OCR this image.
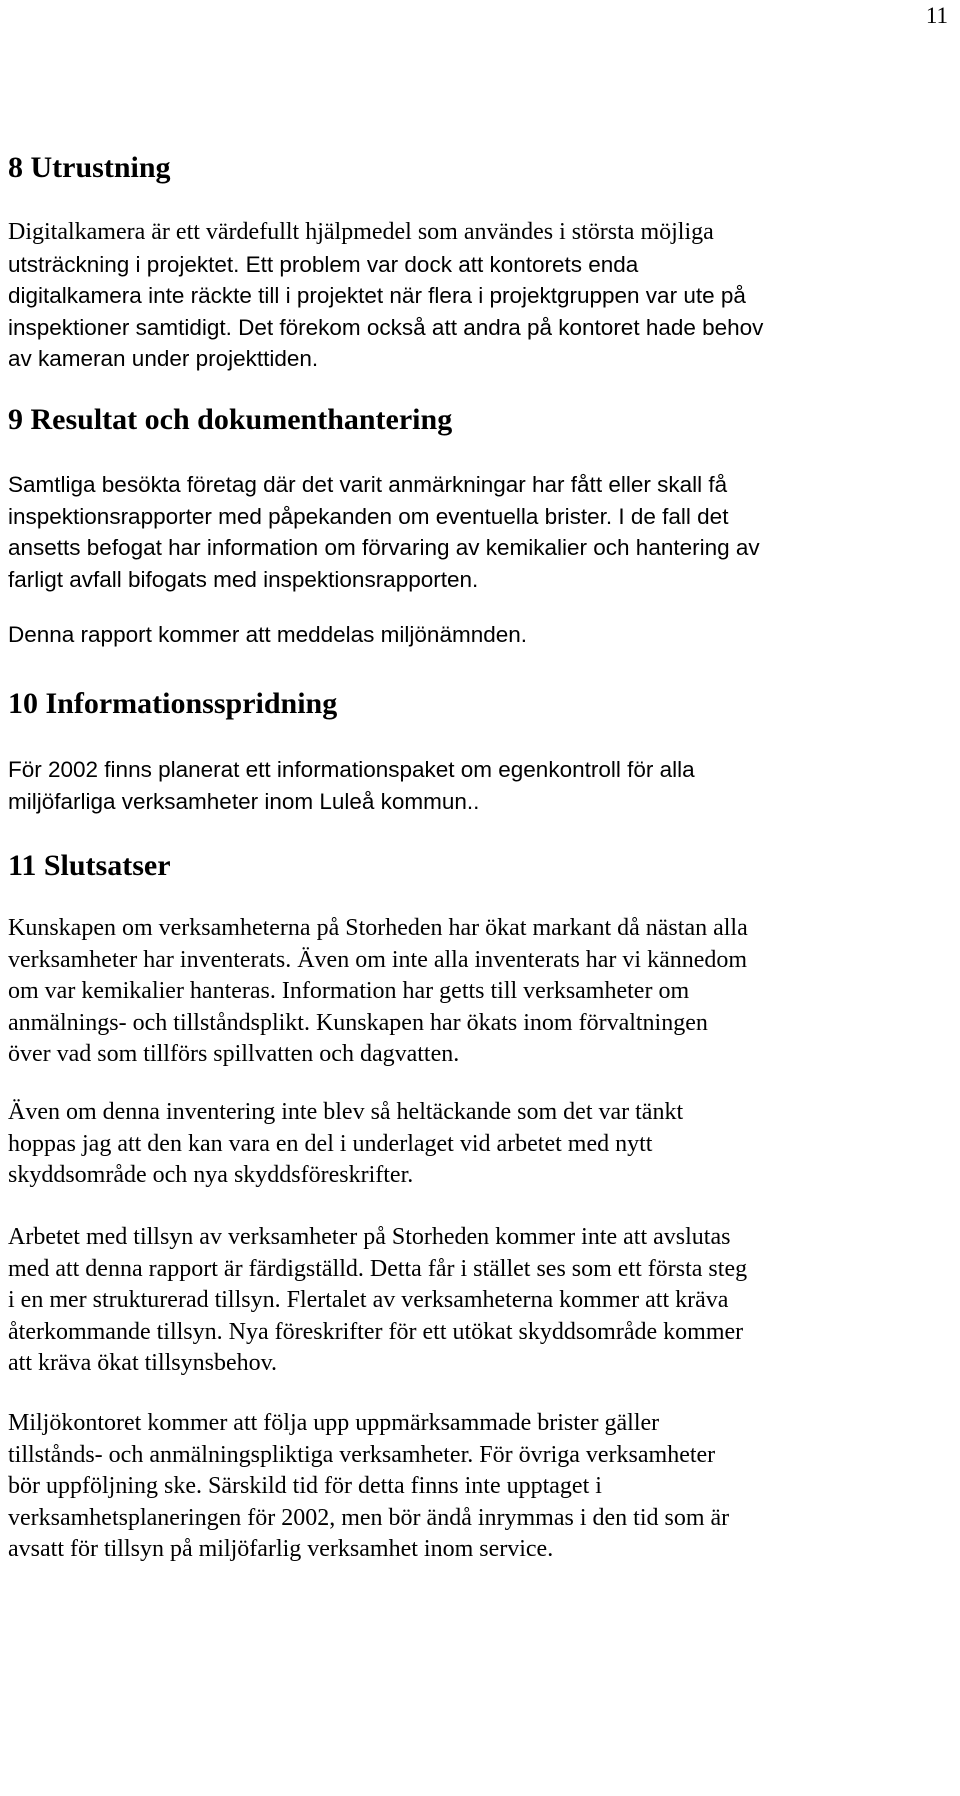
11
8 Utrustning
Digitalkamera är ett värdefullt hjälpmedel som användes i största möjliga
utsträckning i projektet. Ett problem var dock att kontorets enda
digitalkamera inte räckte till i projektet när flera i projektgruppen var ute på
inspektioner samtidigt. Det förekom också att andra på kontoret hade behov
av kameran under projekttiden.
9 Resultat och dokumenthantering
Samtliga besökta företag där det varit anmärkningar har fått eller skall få
inspektionsrapporter med påpekanden om eventuella brister. I de fall det
ansetts befogat har information om förvaring av kemikalier och hantering av
farligt avfall bifogats med inspektionsrapporten.
Denna rapport kommer att meddelas miljönämnden.
10 Informationsspridning
För 2002 finns planerat ett informationspaket om egenkontroll för alla
miljöfarliga verksamheter inom Luleå kommun..
11 Slutsatser
Kunskapen om verksamheterna på Storheden har ökat markant då nästan alla
verksamheter har inventerats. Även om inte alla inventerats har vi kännedom
om var kemikalier hanteras. Information har getts till verksamheter om
anmälnings- och tillståndsplikt. Kunskapen har ökats inom förvaltningen
över vad som tillförs spillvatten och dagvatten.
Även om denna inventering inte blev så heltäckande som det var tänkt
hoppas jag att den kan vara en del i underlaget vid arbetet med nytt
skyddsområde och nya skyddsföreskrifter.
Arbetet med tillsyn av verksamheter på Storheden kommer inte att avslutas
med att denna rapport är färdigställd. Detta får i stället ses som ett första steg
i en mer strukturerad tillsyn. Flertalet av verksamheterna kommer att kräva
återkommande tillsyn. Nya föreskrifter för ett utökat skyddsområde kommer
att kräva ökat tillsynsbehov.
Miljökontoret kommer att följa upp uppmärksammade brister gäller
tillstånds- och anmälningspliktiga verksamheter. För övriga verksamheter
bör uppföljning ske. Särskild tid för detta finns inte upptaget i
verksamhetsplaneringen för 2002, men bör ändå inrymmas i den tid som är
avsatt för tillsyn på miljöfarlig verksamhet inom service.
